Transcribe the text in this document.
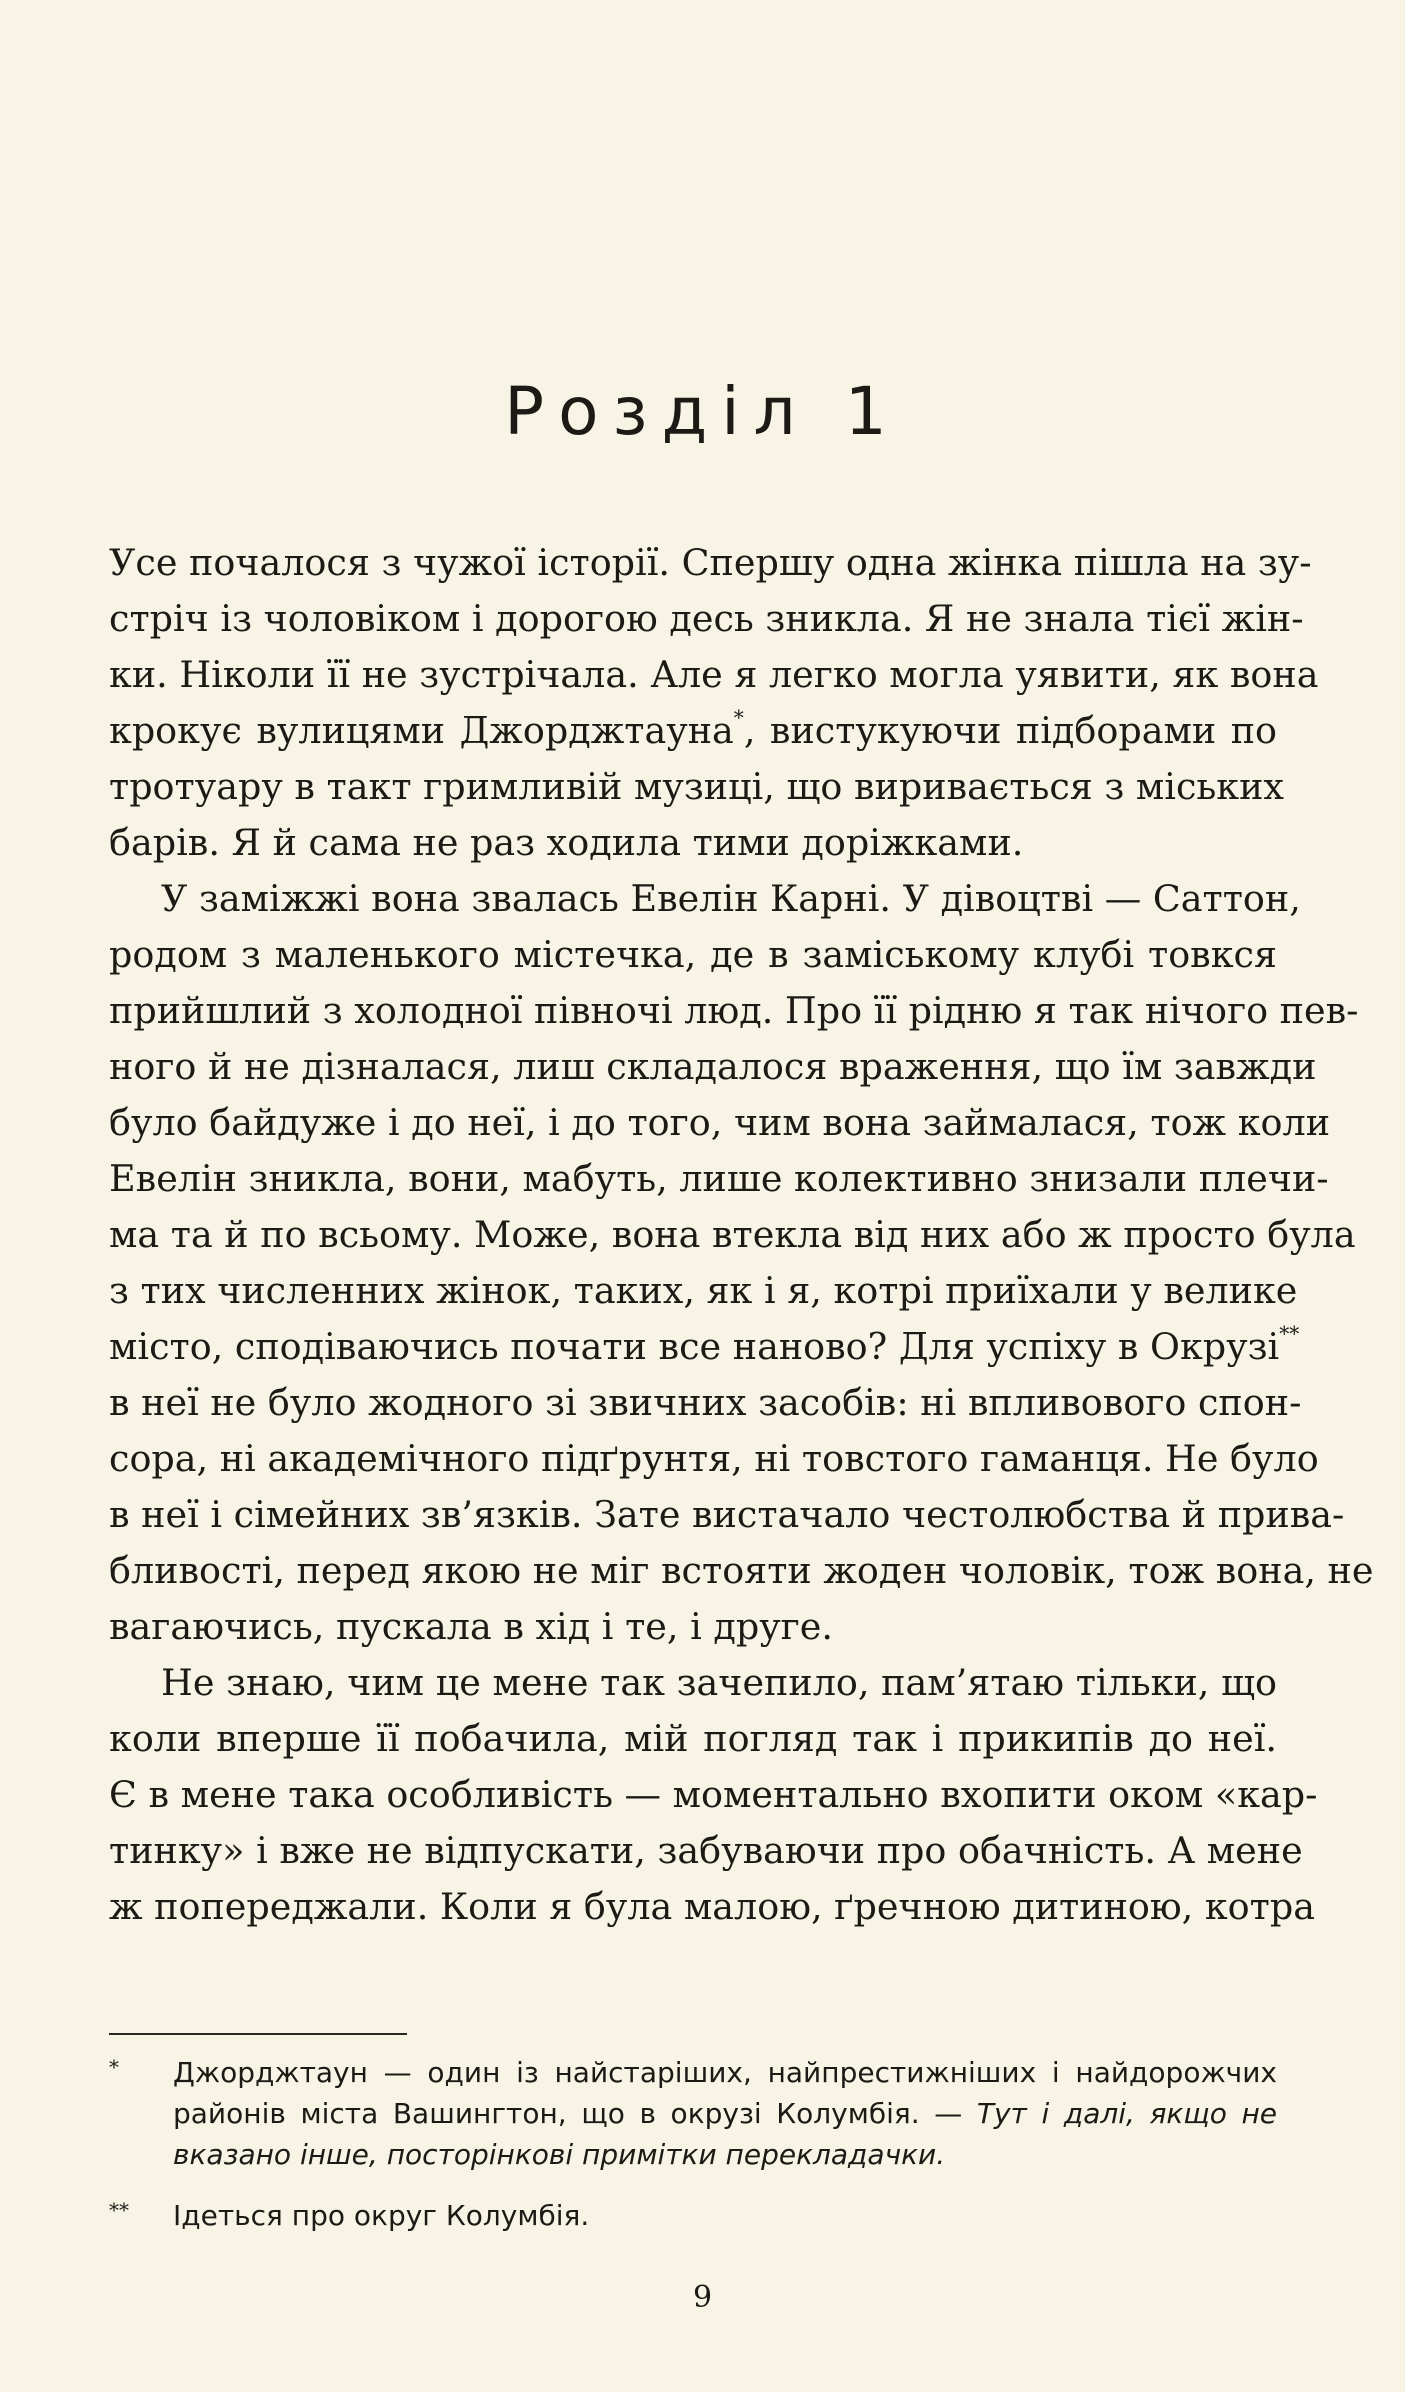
Розділ 1
Усе почалося з чужої історії. Спершу одна жінка пішла на зу-
стріч із чоловіком і дорогою десь зникла. Я не знала тієї жін-
ки. Ніколи її не зустрічала. Але я легко могла уявити, як вона
крокує вулицями Джорджтауна*, вистукуючи підборами по
тротуару в такт гримливій музиці, що виривається з міських
барів. Я й сама не раз ходила тими доріжками.
У заміжжі вона звалась Евелін Карні. У дівоцтві — Саттон,
родом з маленького містечка, де в заміському клубі товкся
прийшлий з холодної півночі люд. Про її рідню я так нічого пев-
ного й не дізналася, лиш складалося враження, що їм завжди
було байдуже і до неї, і до того, чим вона займалася, тож коли
Евелін зникла, вони, мабуть, лише колективно знизали плечи-
ма та й по всьому. Може, вона втекла від них або ж просто була
з тих численних жінок, таких, як і я, котрі приїхали у велике
місто, сподіваючись почати все наново? Для успіху в Окрузі**
в неї не було жодного зі звичних засобів: ні впливового спон-
сора, ні академічного підґрунтя, ні товстого гаманця. Не було
в неї і сімейних зв’язків. Зате вистачало честолюбства й прива-
бливості, перед якою не міг встояти жоден чоловік, тож вона, не
вагаючись, пускала в хід і те, і друге.
Не знаю, чим це мене так зачепило, пам’ятаю тільки, що
коли вперше її побачила, мій погляд так і прикипів до неї.
Є в мене така особливість — моментально вхопити оком «кар-
тинку» і вже не відпускати, забуваючи про обачність. А мене
ж попереджали. Коли я була малою, ґречною дитиною, котра
* Джорджтаун — один із найстаріших, найпрестижніших і найдорожчих
районів міста Вашингтон, що в окрузі Колумбія. — Тут і далі, якщо не
вказано інше, посторінкові примітки перекладачки.
** Ідеться про округ Колумбія.
9
